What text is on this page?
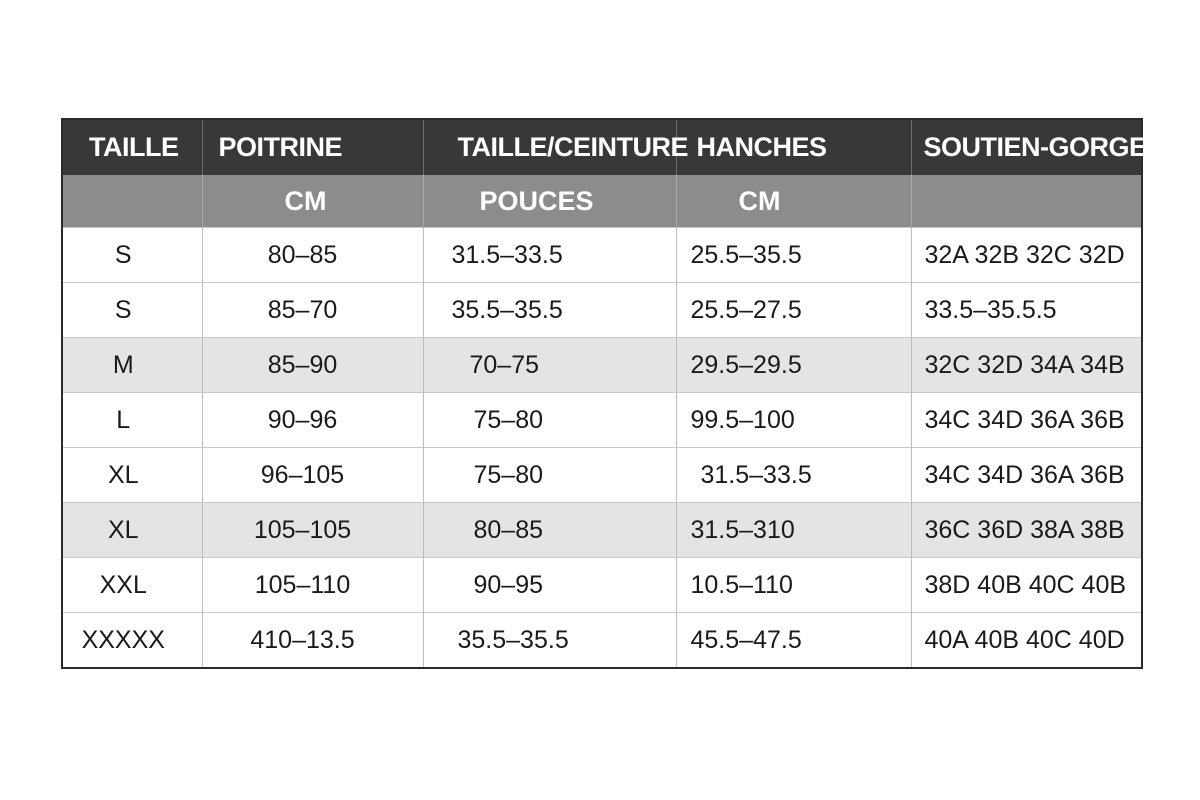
TAILLE	POITRINE	TAILLE/CEINTURE	HANCHES	SOUTIEN-GORGE
	CM	POUCES	CM	
S	80–85	31.5–33.5	25.5–35.5	32A 32B 32C 32D
S	85–70	35.5–35.5	25.5–27.5	33.5–35.5.5
M	85–90	70–75	29.5–29.5	32C 32D 34A 34B
L	90–96	75–80	99.5–100	34C 34D 36A 36B
XL	96–105	75–80	31.5–33.5	34C 34D 36A 36B
XL	105–105	80–85	31.5–310	36C 36D 38A 38B
XXL	105–110	90–95	10.5–110	38D 40B 40C 40B
XXXXX	410–13.5	35.5–35.5	45.5–47.5	40A 40B 40C 40D
